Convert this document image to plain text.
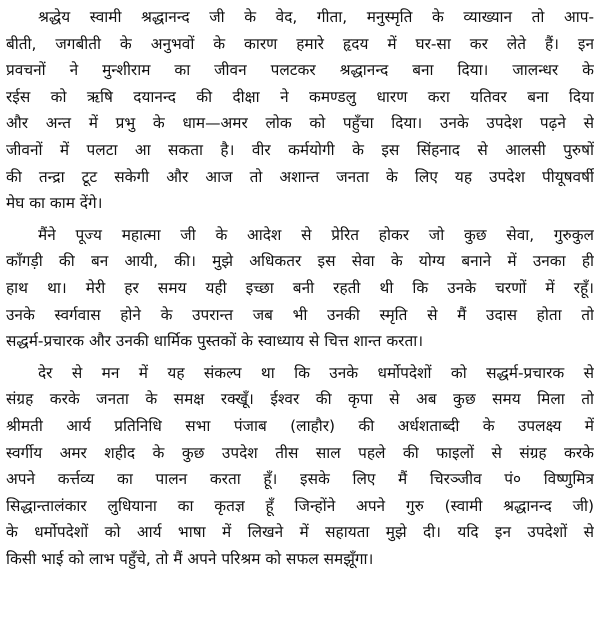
श्रद्धेय स्वामी श्रद्धानन्द जी के वेद, गीता, मनुस्मृति के व्याख्यान तो आप-
बीती, जगबीती के अनुभवों के कारण हमारे हृदय में घर-सा कर लेते हैं। इन
प्रवचनों ने मुन्शीराम का जीवन पलटकर श्रद्धानन्द बना दिया। जालन्धर के
रईस को ऋषि दयानन्द की दीक्षा ने कमण्डलु धारण करा यतिवर बना दिया
और अन्त में प्रभु के धाम—अमर लोक को पहुँचा दिया। उनके उपदेश पढ़ने से
जीवनों में पलटा आ सकता है। वीर कर्मयोगी के इस सिंहनाद से आलसी पुरुषों
की तन्द्रा टूट सकेगी और आज तो अशान्त जनता के लिए यह उपदेश पीयूषवर्षी
मेघ का काम देंगे।
मैंने पूज्य महात्मा जी के आदेश से प्रेरित होकर जो कुछ सेवा, गुरुकुल
काँगड़ी की बन आयी, की। मुझे अधिकतर इस सेवा के योग्य बनाने में उनका ही
हाथ था। मेरी हर समय यही इच्छा बनी रहती थी कि उनके चरणों में रहूँ।
उनके स्वर्गवास होने के उपरान्त जब भी उनकी स्मृति से मैं उदास होता तो
सद्धर्म-प्रचारक और उनकी धार्मिक पुस्तकों के स्वाध्याय से चित्त शान्त करता।
देर से मन में यह संकल्प था कि उनके धर्मोपदेशों को सद्धर्म-प्रचारक से
संग्रह करके जनता के समक्ष रक्खूँ। ईश्वर की कृपा से अब कुछ समय मिला तो
श्रीमती आर्य प्रतिनिधि सभा पंजाब (लाहौर) की अर्धशताब्दी के उपलक्ष्य में
स्वर्गीय अमर शहीद के कुछ उपदेश तीस साल पहले की फाइलों से संग्रह करके
अपने कर्त्तव्य का पालन करता हूँ। इसके लिए मैं चिरञ्जीव पं० विष्णुमित्र
सिद्धान्तालंकार लुधियाना का कृतज्ञ हूँ जिन्होंने अपने गुरु (स्वामी श्रद्धानन्द जी)
के धर्मोपदेशों को आर्य भाषा में लिखने में सहायता मुझे दी। यदि इन उपदेशों से
किसी भाई को लाभ पहुँचे, तो मैं अपने परिश्रम को सफल समझूँगा।
